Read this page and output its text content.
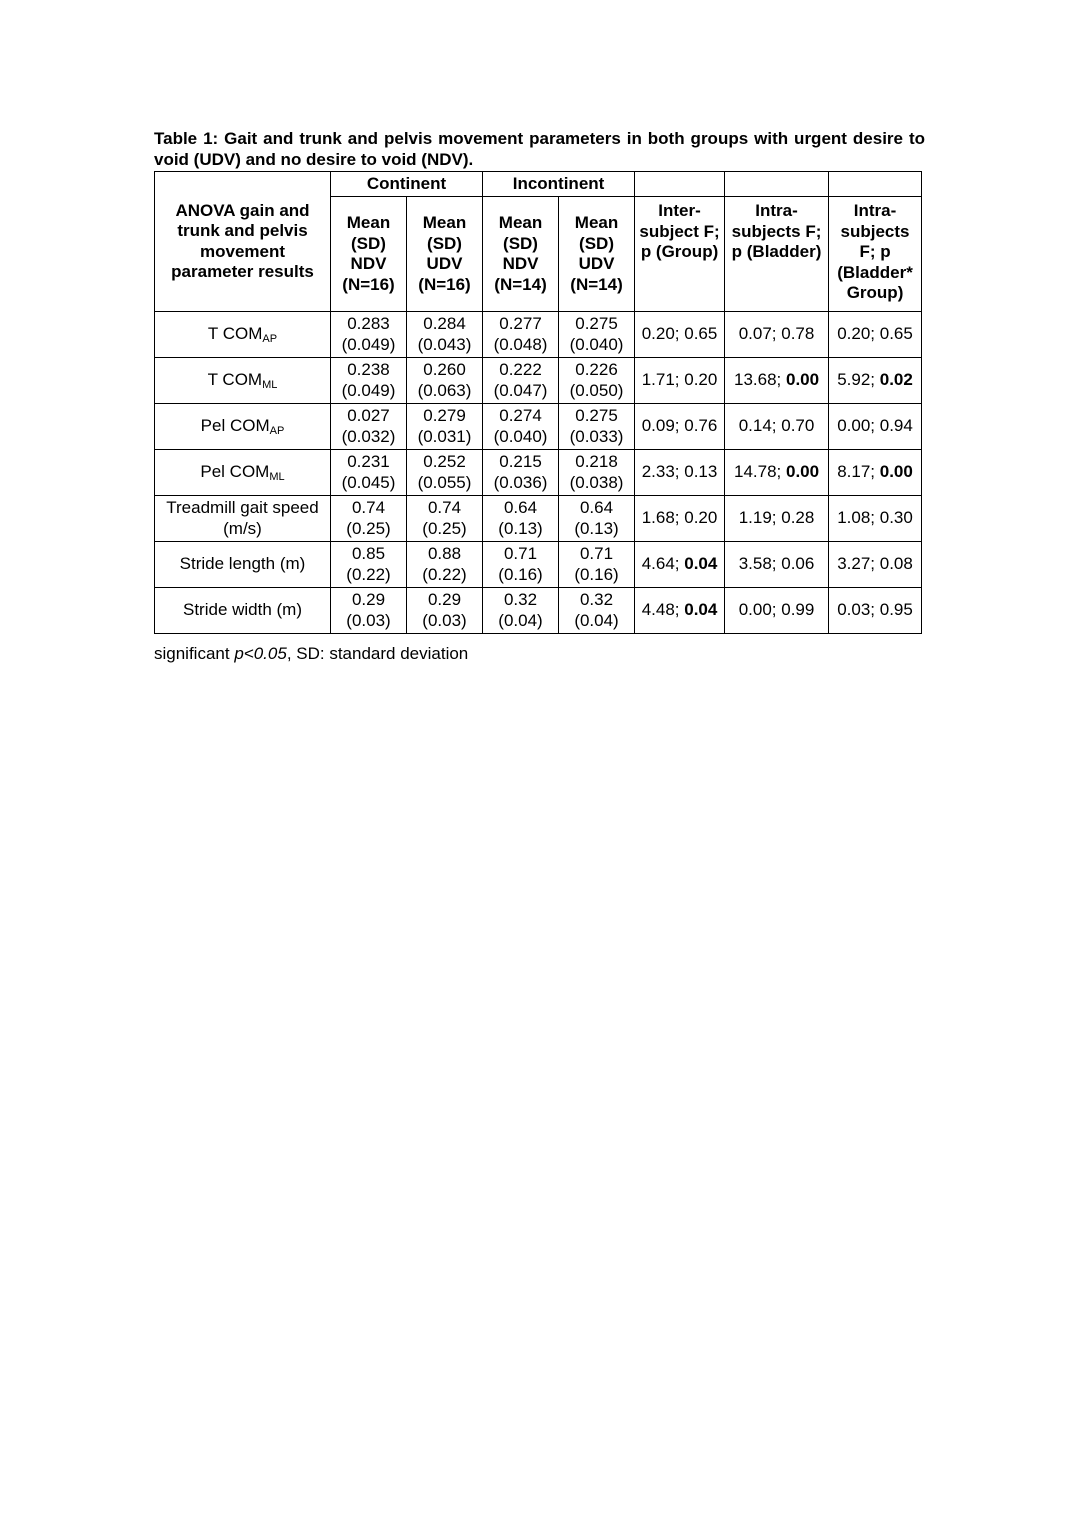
Table 1: Gait and trunk and pelvis movement parameters in both groups with urgent desire to void (UDV) and no desire to void (NDV).
ANOVA gain and trunk and pelvis movement parameter results	Continent		Incontinent				
	Mean (SD) NDV (N=16)	Mean (SD) UDV (N=16)	Mean (SD) NDV (N=14)	Mean (SD) UDV (N=14)	Inter-subject F; p (Group)	Intra-subjects F; p (Bladder)	Intra-subjects F; p (Bladder* Group)
T $COM_{AP}$	0.283 (0.049)	0.284 (0.043)	0.277 (0.048)	0.275 (0.040)	0.20; 0.65	0.07; 0.78	0.20; 0.65
T $COM_{ML}$	0.238 (0.049)	0.260 (0.063)	0.222 (0.047)	0.226 (0.050)	1.71; 0.20	13.68; 0.00	5.92; 0.02
Pel $COM_{AP}$	0.027 (0.032)	0.279 (0.031)	0.274 (0.040)	0.275 (0.033)	0.09; 0.76	0.14; 0.70	0.00; 0.94
Pel $COM_{ML}$	0.231 (0.045)	0.252 (0.055)	0.215 (0.036)	0.218 (0.038)	2.33; 0.13	14.78; 0.00	8.17; 0.00
Treadmill gait speed (m/s)	0.74 (0.25)	0.74 (0.25)	0.64 (0.13)	0.64 (0.13)	1.68; 0.20	1.19; 0.28	1.08; 0.30
Stride length (m)	0.85 (0.22)	0.88 (0.22)	0.71 (0.16)	0.71 (0.16)	4.64; 0.04	3.58; 0.06	3.27; 0.08
Stride width (m)	0.29 (0.03)	0.29 (0.03)	0.32 (0.04)	0.32 (0.04)	4.48; 0.04	0.00; 0.99	0.03; 0.95
significant p<0.05, SD: standard deviation
